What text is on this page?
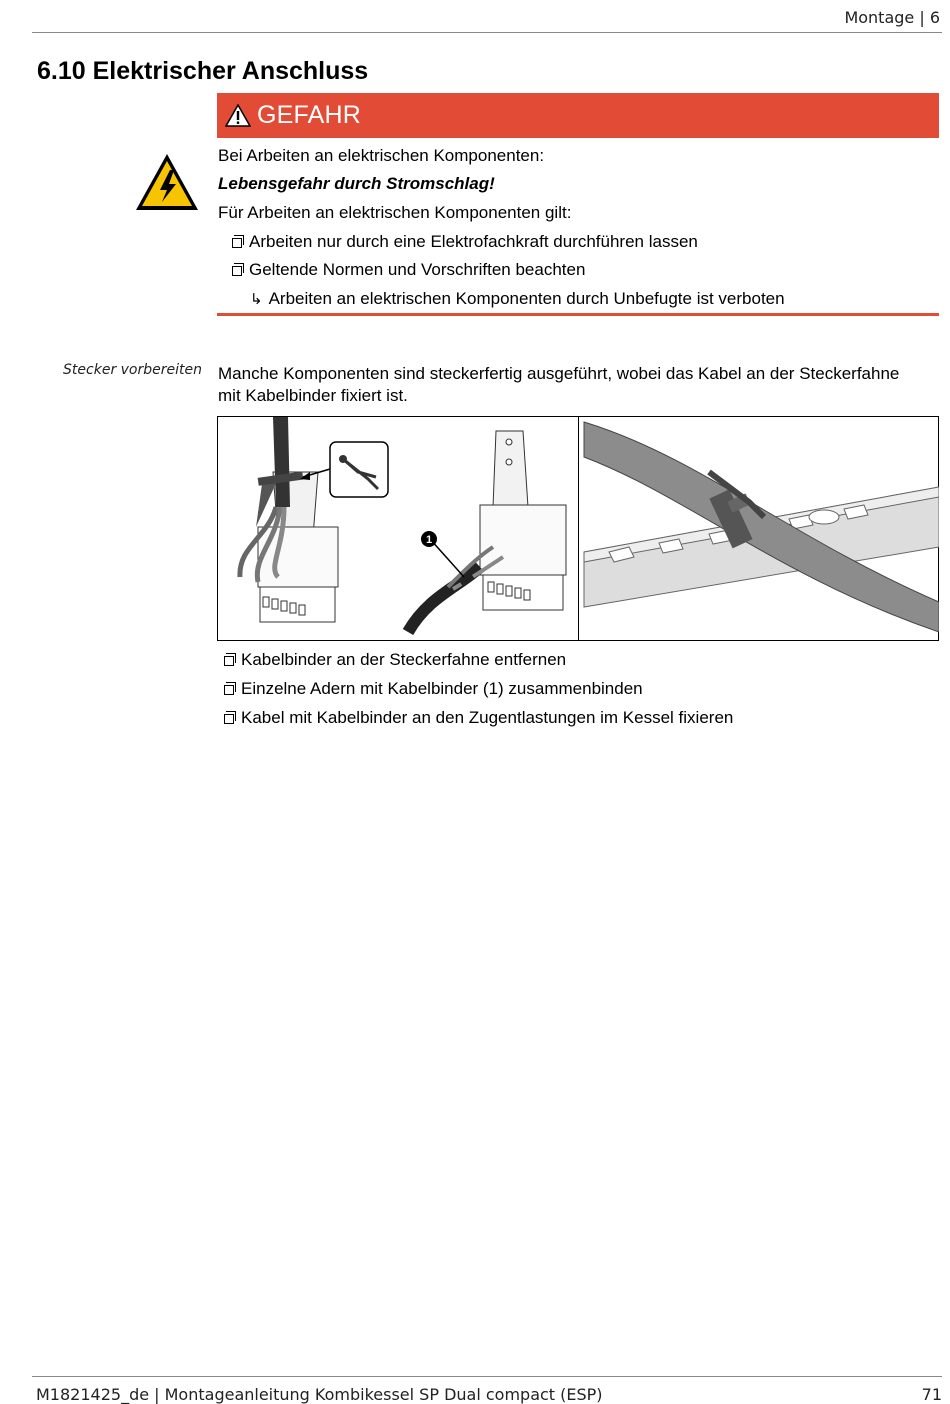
Montage | 6
6.10 Elektrischer Anschluss
GEFAHR
Bei Arbeiten an elektrischen Komponenten:
Lebensgefahr durch Stromschlag!
Für Arbeiten an elektrischen Komponenten gilt:
Arbeiten nur durch eine Elektrofachkraft durchführen lassen
Geltende Normen und Vorschriften beachten
↳ Arbeiten an elektrischen Komponenten durch Unbefugte ist verboten
Stecker vorbereiten Manche Komponenten sind steckerfertig ausgeführt, wobei das Kabel an der Steckerfahne mit Kabelbinder fixiert ist.
1
Kabelbinder an der Steckerfahne entfernen
Einzelne Adern mit Kabelbinder (1) zusammenbinden
Kabel mit Kabelbinder an den Zugentlastungen im Kessel fixieren
M1821425_de | Montageanleitung Kombikessel SP Dual compact (ESP)	71
